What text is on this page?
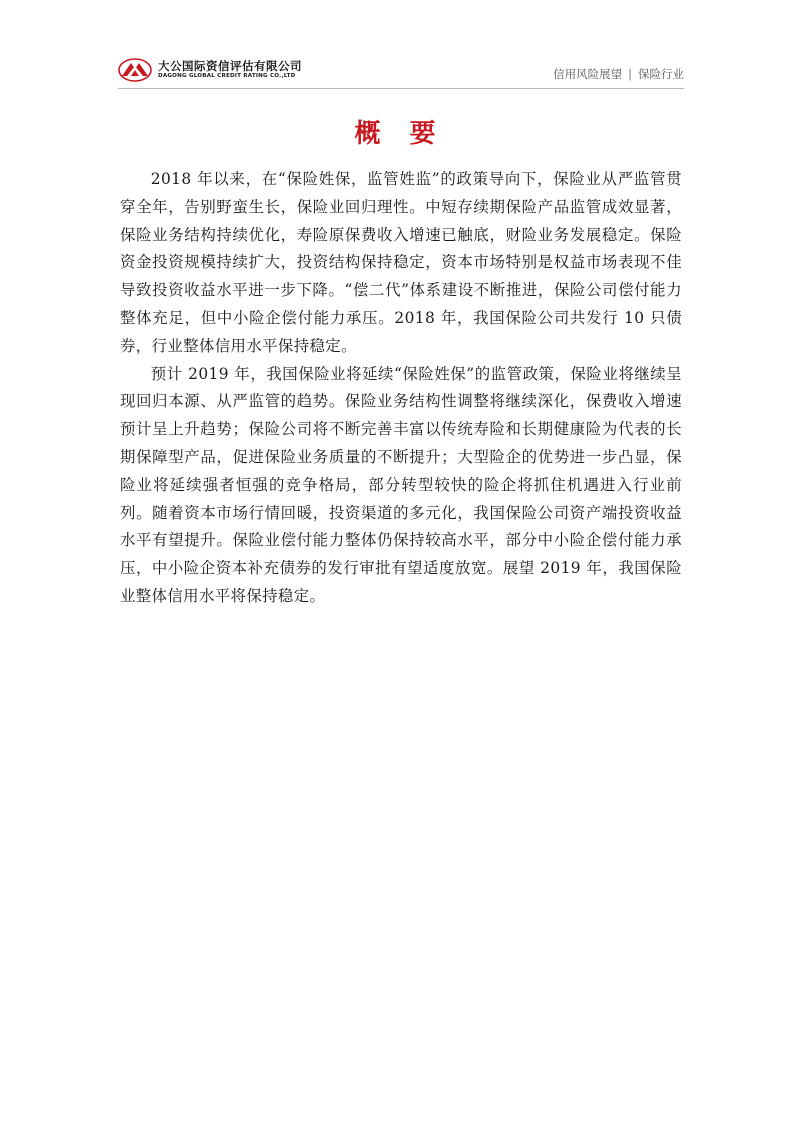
大公国际资信评估有限公司
DAGONG GLOBAL CREDIT RATING CO.,LTD	信用风险展望 | 保险行业
概 要

2018 年以来，在“保险姓保，监管姓监”的政策导向下，保险业从严监管贯穿全年，告别野蛮生长，保险业回归理性。中短存续期保险产品监管成效显著，保险业务结构持续优化，寿险原保费收入增速已触底，财险业务发展稳定。保险资金投资规模持续扩大，投资结构保持稳定，资本市场特别是权益市场表现不佳导致投资收益水平进一步下降。“偿二代”体系建设不断推进，保险公司偿付能力整体充足，但中小险企偿付能力承压。2018 年，我国保险公司共发行 10 只债券，行业整体信用水平保持稳定。

预计 2019 年，我国保险业将延续“保险姓保”的监管政策，保险业将继续呈现回归本源、从严监管的趋势。保险业务结构性调整将继续深化，保费收入增速预计呈上升趋势；保险公司将不断完善丰富以传统寿险和长期健康险为代表的长期保障型产品，促进保险业务质量的不断提升；大型险企的优势进一步凸显，保险业将延续强者恒强的竞争格局，部分转型较快的险企将抓住机遇进入行业前列。随着资本市场行情回暖，投资渠道的多元化，我国保险公司资产端投资收益水平有望提升。保险业偿付能力整体仍保持较高水平，部分中小险企偿付能力承压，中小险企资本补充债券的发行审批有望适度放宽。展望 2019 年，我国保险业整体信用水平将保持稳定。
